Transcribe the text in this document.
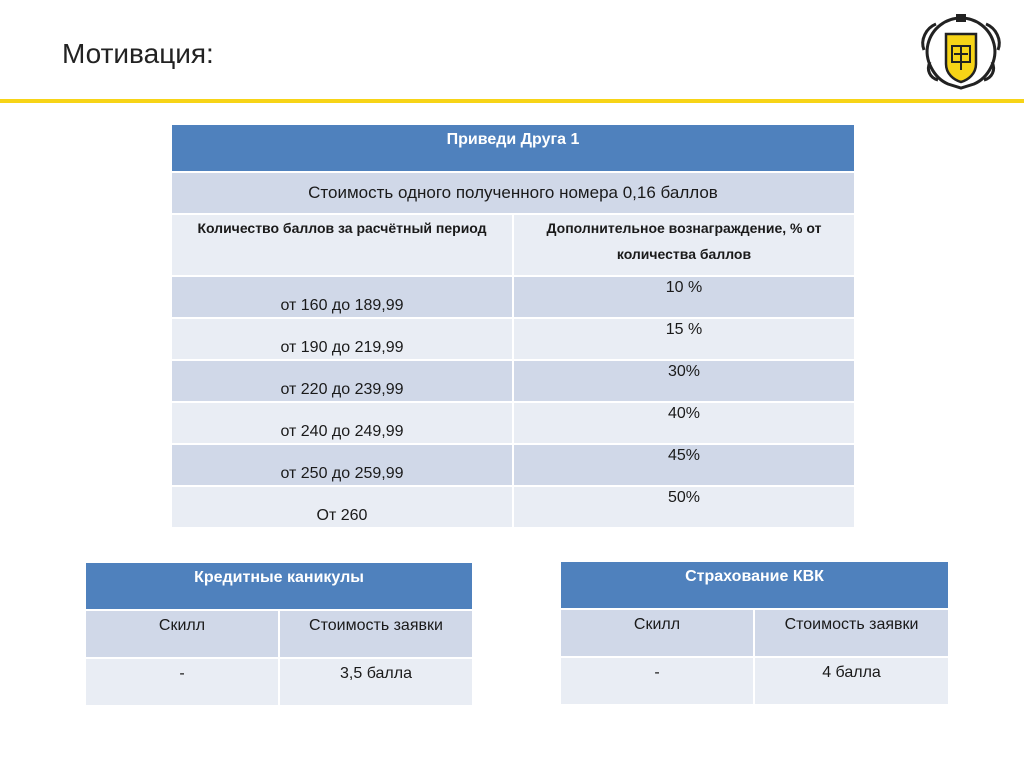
Мотивация:
Приведи Друга 1	
Стоимость одного полученного номера 0,16 баллов	
Количество баллов за расчётный период	Дополнительное вознаграждение, % от количества баллов
от 160 до 189,99	10 %
от 190 до 219,99	15 %
от 220 до 239,99	30%
от 240 до 249,99	40%
от 250 до 259,99	45%
От 260	50%
Кредитные каникулы	
Скилл	Стоимость заявки
-	3,5 балла
Страхование КВК	
Скилл	Стоимость заявки
-	4 балла
